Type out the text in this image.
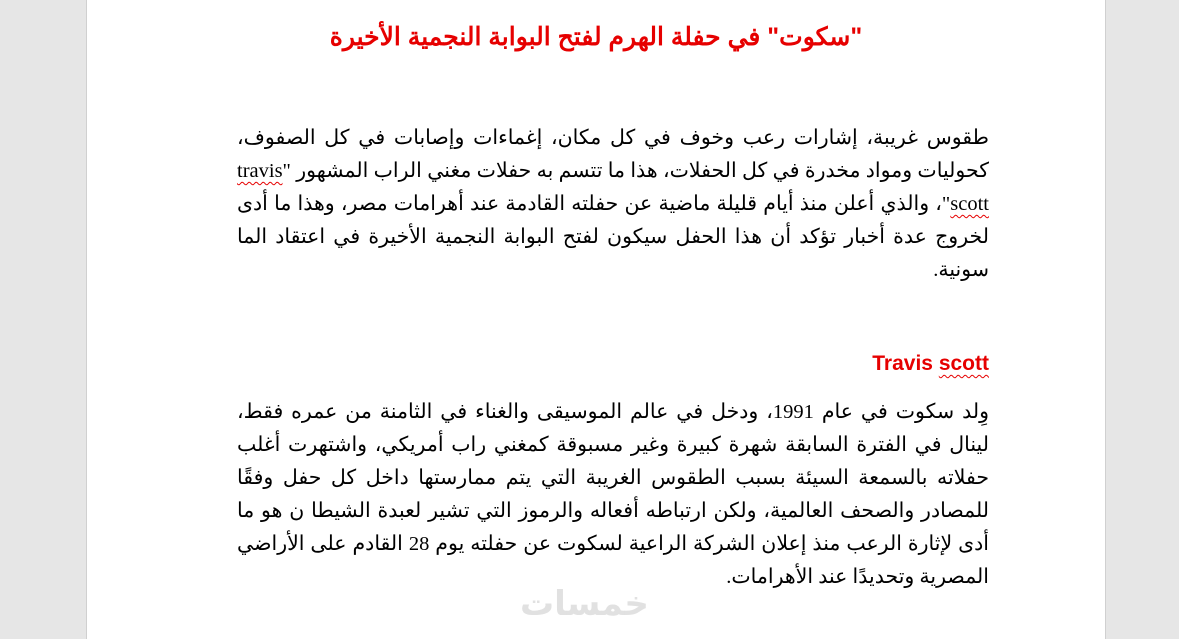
"سكوت" في حفلة الهرم لفتح البوابة النجمية الأخيرة
طقوس غريبة، إشارات رعب وخوف في كل مكان، إغماءات وإصابات في كل الصفوف، كحوليات ومواد مخدرة في كل الحفلات، هذا ما تتسم به حفلات مغني الراب المشهور "travis scott"، والذي أعلن منذ أيام قليلة ماضية عن حفلته القادمة عند أهرامات مصر، وهذا ما أدى لخروج عدة أخبار تؤكد أن هذا الحفل سيكون لفتح البوابة النجمية الأخيرة في اعتقاد الما سونية.
Travis scott
وِلد سكوت في عام 1991، ودخل في عالم الموسيقى والغناء في الثامنة من عمره فقط، لينال في الفترة السابقة شهرة كبيرة وغير مسبوقة كمغني راب أمريكي، واشتهرت أغلب حفلاته بالسمعة السيئة بسبب الطقوس الغريبة التي يتم ممارستها داخل كل حفل وفقًا للمصادر والصحف العالمية، ولكن ارتباطه أفعاله والرموز التي تشير لعبدة الشيطا ن هو ما أدى لإثارة الرعب منذ إعلان الشركة الراعية لسكوت عن حفلته يوم 28 القادم على الأراضي المصرية وتحديدًا عند الأهرامات.
خمسات
